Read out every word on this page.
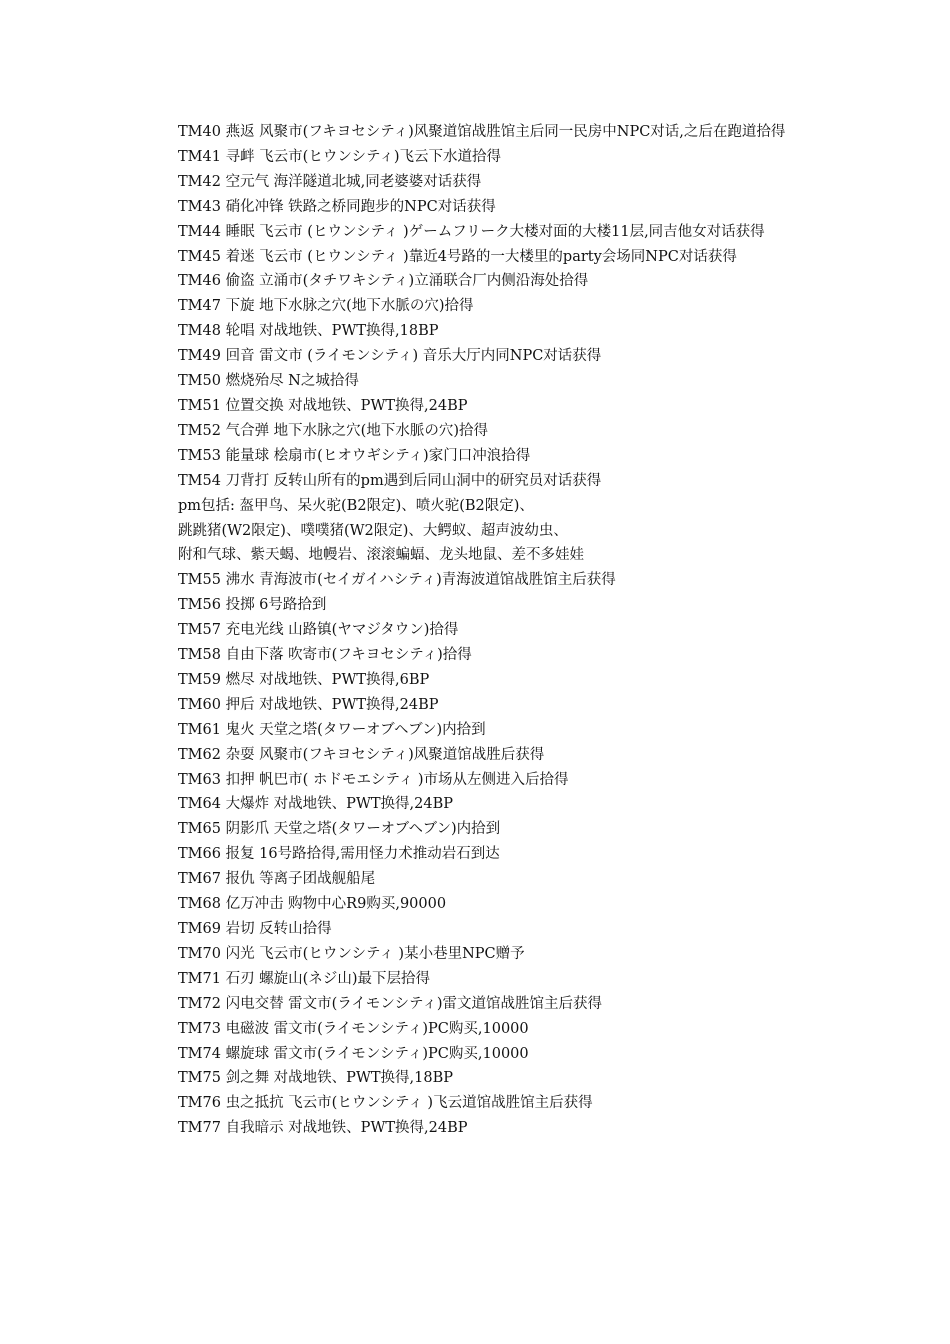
TM40 燕返 风聚市(フキヨセシティ)风聚道馆战胜馆主后同一民房中NPC对话,之后在跑道拾得

TM41 寻衅 飞云市(ヒウンシティ)飞云下水道拾得

TM42 空元气 海洋隧道北城,同老婆婆对话获得

TM43 硝化冲锋 铁路之桥同跑步的NPC对话获得

TM44 睡眠 飞云市 (ヒウンシティ )ゲームフリーク大楼对面的大楼11层,同吉他女对话获得

TM45 着迷 飞云市 (ヒウンシティ )靠近4号路的一大楼里的party会场同NPC对话获得

TM46 偷盗 立涌市(タチワキシティ)立涌联合厂内侧沿海处拾得

TM47 下旋 地下水脉之穴(地下水脈の穴)拾得

TM48 轮唱 对战地铁、PWT换得,18BP

TM49 回音 雷文市 (ライモンシティ) 音乐大厅内同NPC对话获得

TM50 燃烧殆尽 N之城拾得

TM51 位置交换 对战地铁、PWT换得,24BP

TM52 气合弹 地下水脉之穴(地下水脈の穴)拾得

TM53 能量球 桧扇市(ヒオウギシティ)家门口冲浪拾得

TM54 刀背打 反转山所有的pm遇到后同山洞中的研究员对话获得

pm包括: 盔甲鸟、呆火驼(B2限定)、喷火驼(B2限定)、

跳跳猪(W2限定)、噗噗猪(W2限定)、大鳄蚁、超声波幼虫、

附和气球、紫天蝎、地幔岩、滚滚蝙蝠、龙头地鼠、差不多娃娃

TM55 沸水 青海波市(セイガイハシティ)青海波道馆战胜馆主后获得

TM56 投掷 6号路拾到

TM57 充电光线 山路镇(ヤマジタウン)拾得

TM58 自由下落 吹寄市(フキヨセシティ)拾得

TM59 燃尽 对战地铁、PWT换得,6BP

TM60 押后 对战地铁、PWT换得,24BP

TM61 鬼火 天堂之塔(タワーオブヘブン)内拾到

TM62 杂耍 风聚市(フキヨセシティ)风聚道馆战胜后获得

TM63 扣押 帆巴市( ホドモエシティ )市场从左侧进入后拾得

TM64 大爆炸 对战地铁、PWT换得,24BP

TM65 阴影爪 天堂之塔(タワーオブヘブン)内拾到

TM66 报复 16号路拾得,需用怪力术推动岩石到达

TM67 报仇 等离子团战舰船尾

TM68 亿万冲击 购物中心R9购买,90000

TM69 岩切 反转山拾得

TM70 闪光 飞云市(ヒウンシティ )某小巷里NPC赠予

TM71 石刃 螺旋山(ネジ山)最下层拾得

TM72 闪电交替 雷文市(ライモンシティ)雷文道馆战胜馆主后获得

TM73 电磁波 雷文市(ライモンシティ)PC购买,10000

TM74 螺旋球 雷文市(ライモンシティ)PC购买,10000

TM75 剑之舞 对战地铁、PWT换得,18BP

TM76 虫之抵抗 飞云市(ヒウンシティ )飞云道馆战胜馆主后获得

TM77 自我暗示 对战地铁、PWT换得,24BP
